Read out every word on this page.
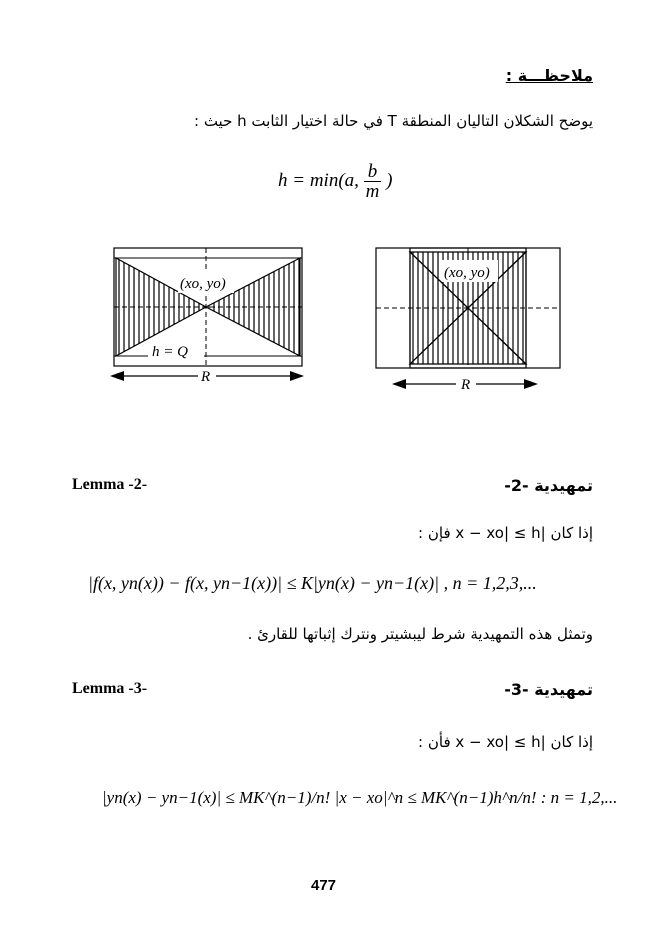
ملاحظـــة :
يوضح الشكلان التاليان المنطقة T في حالة اختيار الثابت h حيث :
h = min(a, $\frac{b}{m}$ )
(xo, yo)
h = Q
R
(xo, yo)
R
Lemma -2-	تمهيدية -2-
إذا كان |x − xo| ≤ h فإن :
|f(x, yn(x)) − f(x, yn−1(x))| ≤ K|yn(x) − yn−1(x)| , n = 1,2,3,...
وتمثل هذه التمهيدية شرط ليبشيتر ونترك إثباتها للقارئ .
Lemma -3-	تمهيدية -3-
إذا كان |x − xo| ≤ h فأن :
|yn(x) − yn−1(x)| ≤ MK^(n−1)/n! |x − xo|^n ≤ MK^(n−1)h^n/n! : n = 1,2,...
477
